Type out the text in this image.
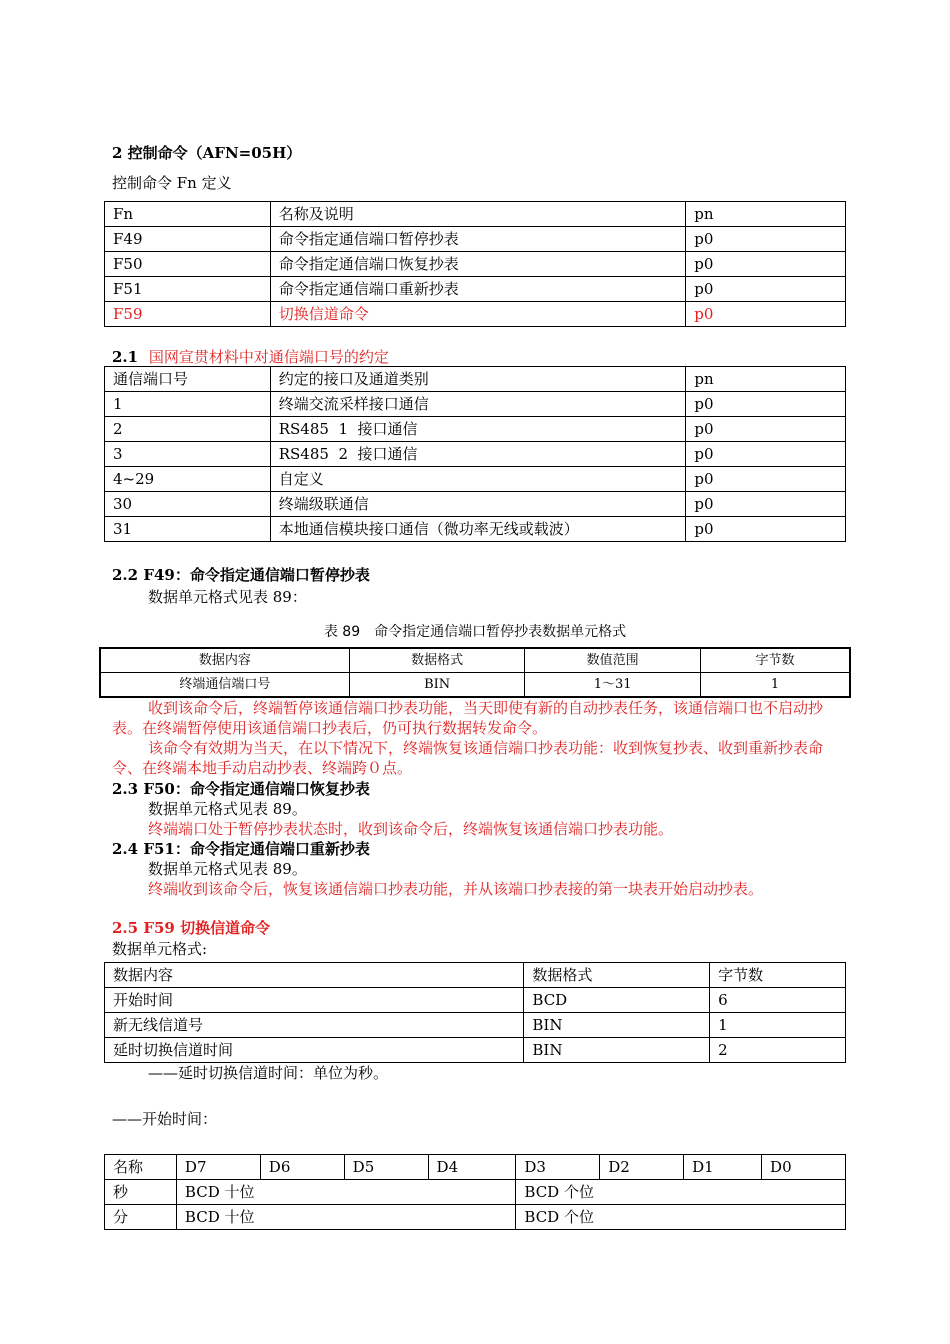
2 控制命令（AFN=05H）
控制命令 Fn 定义
Fn	名称及说明	pn
F49	命令指定通信端口暂停抄表	p0
F50	命令指定通信端口恢复抄表	p0
F51	命令指定通信端口重新抄表	p0
F59	切换信道命令	p0
2.1 国网宣贯材料中对通信端口号的约定
通信端口号	约定的接口及通道类别	pn
1	终端交流采样接口通信	p0
2	RS485  1  接口通信	p0
3	RS485  2  接口通信	p0
4~29	自定义	p0
30	终端级联通信	p0
31	本地通信模块接口通信（微功率无线或载波）	p0
2.2 F49：命令指定通信端口暂停抄表
数据单元格式见表 89：
表 89　命令指定通信端口暂停抄表数据单元格式
数据内容	数据格式	数值范围	字节数
终端通信端口号	BIN	1～31	1
收到该命令后，终端暂停该通信端口抄表功能，当天即使有新的自动抄表任务，该通信端口也不启动抄表。在终端暂停使用该通信端口抄表后，仍可执行数据转发命令。
该命令有效期为当天，在以下情况下，终端恢复该通信端口抄表功能：收到恢复抄表、收到重新抄表命令、在终端本地手动启动抄表、终端跨０点。
2.3 F50：命令指定通信端口恢复抄表
数据单元格式见表 89。
终端端口处于暂停抄表状态时，收到该命令后，终端恢复该通信端口抄表功能。
2.4 F51：命令指定通信端口重新抄表
数据单元格式见表 89。
终端收到该命令后，恢复该通信端口抄表功能，并从该端口抄表接的第一块表开始启动抄表。
2.5 F59 切换信道命令
数据单元格式:
数据内容	数据格式	字节数
开始时间	BCD	6
新无线信道号	BIN	1
延时切换信道时间	BIN	2
——延时切换信道时间：单位为秒。
——开始时间：
名称	D7	D6	D5	D4	D3	D2	D1	D0
秒	BCD 十位				BCD 个位			
分	BCD 十位				BCD 个位			
